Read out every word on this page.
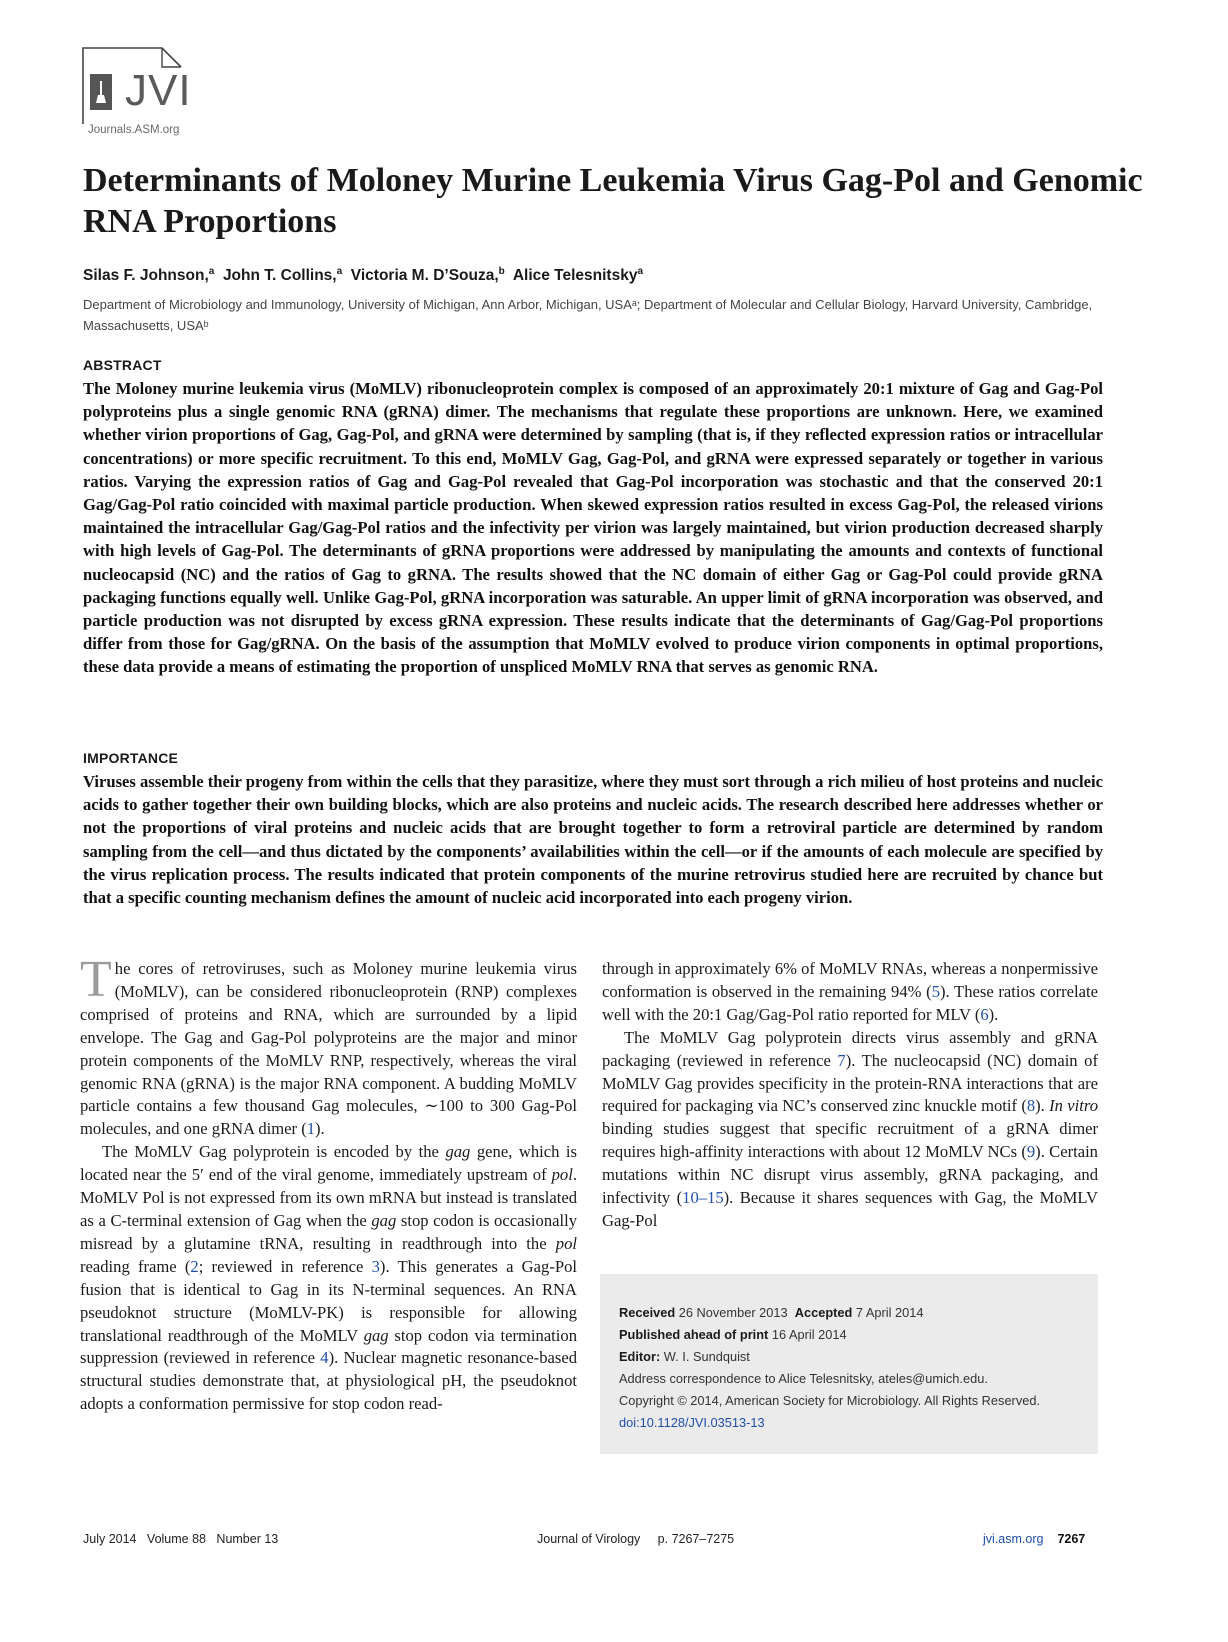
JVI
Journals.ASM.org
Determinants of Moloney Murine Leukemia Virus Gag-Pol and Genomic RNA Proportions
Silas F. Johnson,$^a$ John T. Collins,$^a$ Victoria M. D’Souza,$^b$ Alice Telesnitsky$^a$
Department of Microbiology and Immunology, University of Michigan, Ann Arbor, Michigan, USAᵃ; Department of Molecular and Cellular Biology, Harvard University, Cambridge, Massachusetts, USAᵇ
ABSTRACT

The Moloney murine leukemia virus (MoMLV) ribonucleoprotein complex is composed of an approximately 20:1 mixture of Gag and Gag-Pol polyproteins plus a single genomic RNA (gRNA) dimer. The mechanisms that regulate these proportions are unknown. Here, we examined whether virion proportions of Gag, Gag-Pol, and gRNA were determined by sampling (that is, if they reflected expression ratios or intracellular concentrations) or more specific recruitment. To this end, MoMLV Gag, Gag-Pol, and gRNA were expressed separately or together in various ratios. Varying the expression ratios of Gag and Gag-Pol revealed that Gag-Pol incorporation was stochastic and that the conserved 20:1 Gag/Gag-Pol ratio coincided with maximal particle production. When skewed expression ratios resulted in excess Gag-Pol, the released virions maintained the intracellular Gag/Gag-Pol ratios and the infectivity per virion was largely maintained, but virion production decreased sharply with high levels of Gag-Pol. The determinants of gRNA proportions were addressed by manipulating the amounts and contexts of functional nucleocapsid (NC) and the ratios of Gag to gRNA. The results showed that the NC domain of either Gag or Gag-Pol could provide gRNA packaging functions equally well. Unlike Gag-Pol, gRNA incorporation was saturable. An upper limit of gRNA incorporation was observed, and particle production was not disrupted by excess gRNA expression. These results indicate that the determinants of Gag/Gag-Pol proportions differ from those for Gag/gRNA. On the basis of the assumption that MoMLV evolved to produce virion components in optimal proportions, these data provide a means of estimating the proportion of unspliced MoMLV RNA that serves as genomic RNA.

IMPORTANCE

Viruses assemble their progeny from within the cells that they parasitize, where they must sort through a rich milieu of host proteins and nucleic acids to gather together their own building blocks, which are also proteins and nucleic acids. The research described here addresses whether or not the proportions of viral proteins and nucleic acids that are brought together to form a retroviral particle are determined by random sampling from the cell—and thus dictated by the components’ availabilities within the cell—or if the amounts of each molecule are specified by the virus replication process. The results indicated that protein components of the murine retrovirus studied here are recruited by chance but that a specific counting mechanism defines the amount of nucleic acid incorporated into each progeny virion.

The cores of retroviruses, such as Moloney murine leukemia virus (MoMLV), can be considered ribonucleoprotein (RNP) complexes comprised of proteins and RNA, which are surrounded by a lipid envelope. The Gag and Gag-Pol polyproteins are the major and minor protein components of the MoMLV RNP, respectively, whereas the viral genomic RNA (gRNA) is the major RNA component. A budding MoMLV particle contains a few thousand Gag molecules, ∼100 to 300 Gag-Pol molecules, and one gRNA dimer (1).

The MoMLV Gag polyprotein is encoded by the gag gene, which is located near the 5′ end of the viral genome, immediately upstream of pol. MoMLV Pol is not expressed from its own mRNA but instead is translated as a C-terminal extension of Gag when the gag stop codon is occasionally misread by a glutamine tRNA, resulting in readthrough into the pol reading frame (2; reviewed in reference 3). This generates a Gag-Pol fusion that is identical to Gag in its N-terminal sequences. An RNA pseudoknot structure (MoMLV-PK) is responsible for allowing translational readthrough of the MoMLV gag stop codon via termination suppression (reviewed in reference 4). Nuclear magnetic resonance-based structural studies demonstrate that, at physiological pH, the pseudoknot adopts a conformation permissive for stop codon read-

through in approximately 6% of MoMLV RNAs, whereas a nonpermissive conformation is observed in the remaining 94% (5). These ratios correlate well with the 20:1 Gag/Gag-Pol ratio reported for MLV (6).

The MoMLV Gag polyprotein directs virus assembly and gRNA packaging (reviewed in reference 7). The nucleocapsid (NC) domain of MoMLV Gag provides specificity in the protein-RNA interactions that are required for packaging via NC’s conserved zinc knuckle motif (8). In vitro binding studies suggest that specific recruitment of a gRNA dimer requires high-affinity interactions with about 12 MoMLV NCs (9). Certain mutations within NC disrupt virus assembly, gRNA packaging, and infectivity (10–15). Because it shares sequences with Gag, the MoMLV Gag-Pol

Received 26 November 2013 Accepted 7 April 2014
Published ahead of print 16 April 2014
Editor: W. I. Sundquist
Address correspondence to Alice Telesnitsky, ateles@umich.edu.
Copyright © 2014, American Society for Microbiology. All Rights Reserved.
doi:10.1128/JVI.03513-13
July 2014   Volume 88   Number 13	Journal of Virology     p. 7267–7275	jvi.asm.org 7267
